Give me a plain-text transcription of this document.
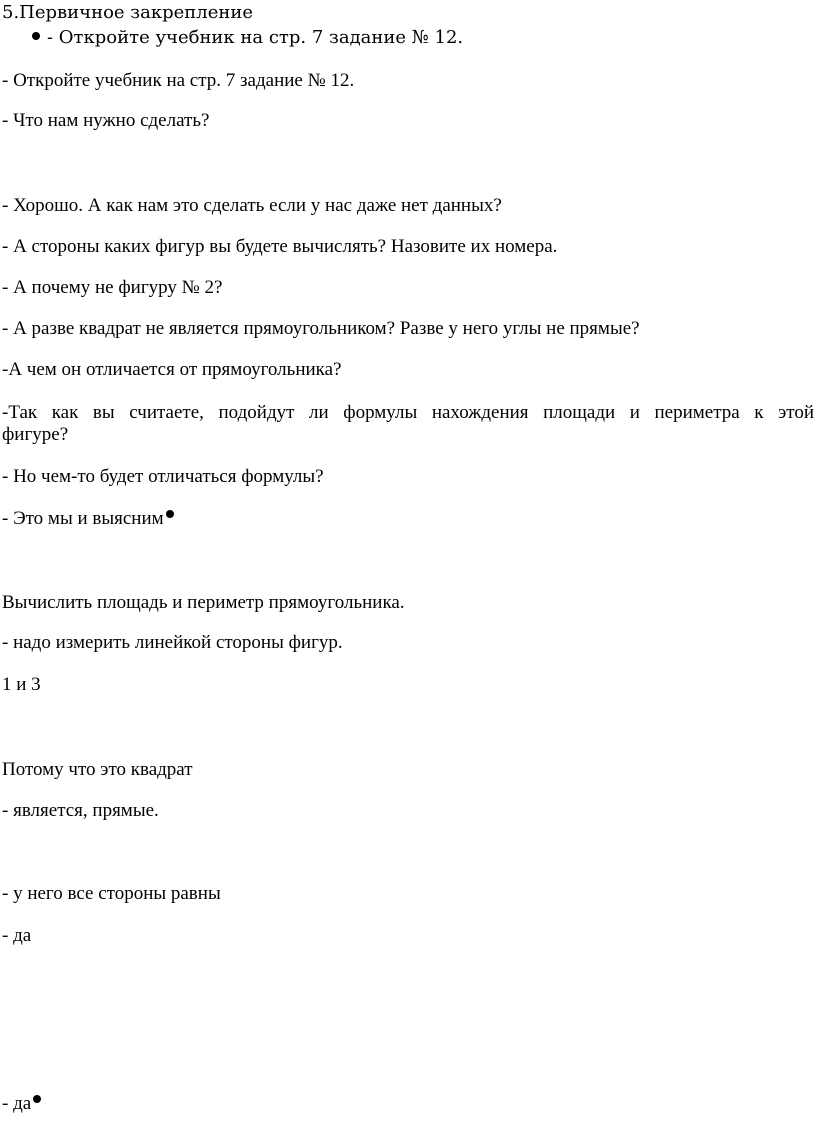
5.Первичное закрепление
- Откройте учебник на стр. 7 задание № 12.
- Откройте учебник на стр. 7 задание № 12.
- Что нам нужно сделать?
- Хорошо. А как нам это сделать если у нас даже нет данных?
- А стороны каких фигур вы будете вычислять? Назовите их номера.
- А почему не фигуру № 2?
- А разве квадрат не является прямоугольником? Разве у него углы не прямые?
-А чем он отличается от прямоугольника?
-Так как вы считаете, подойдут ли формулы нахождения площади и периметра к этой
фигуре?
- Но чем-то будет отличаться формулы?
- Это мы и выясним
Вычислить площадь и периметр прямоугольника.
- надо измерить линейкой стороны фигур.
1 и 3
Потому что это квадрат
- является, прямые.
- у него все стороны равны
- да
- да
